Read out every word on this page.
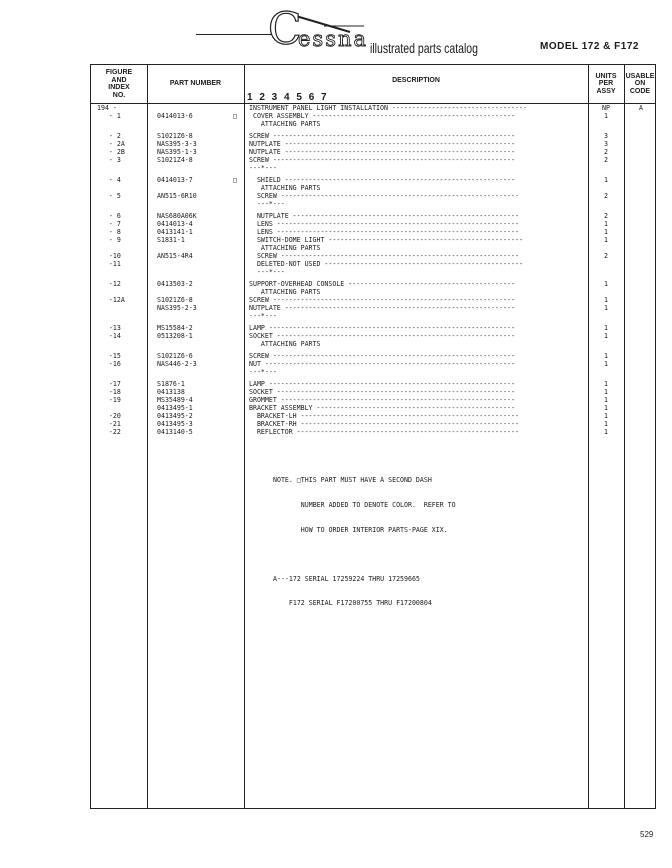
C
essna illustrated parts catalog	MODEL 172 & F172
FIGURE
AND
INDEX
NO.
PART NUMBER	DESCRIPTION
1 2 3 4 5 6 7
UNITS
PER
ASSY
USABLE
ON
CODE
194 -	INSTRUMENT PANEL LIGHT INSTALLATION ----------------------------------	NP	A
- 1	0414013-6	□	COVER ASSEMBLY ---------------------------------------------------	1
ATTACHING PARTS
- 2	S1021Z6-8	SCREW -------------------------------------------------------------	3
- 2A	NAS395-3-3	NUTPLATE ----------------------------------------------------------	3
- 2B	NAS395-1-3	NUTPLATE ----------------------------------------------------------	2
- 3	S1021Z4-8	SCREW -------------------------------------------------------------	2
---*---
- 4	0414013-7	□	SHIELD ----------------------------------------------------------	1
ATTACHING PARTS
- 5	AN515-6R10	SCREW ------------------------------------------------------------	2
---*---
- 6	NAS680A06K	NUTPLATE ---------------------------------------------------------	2
- 7	0414013-4	LENS -------------------------------------------------------------	1
- 8	0413141-1	LENS -------------------------------------------------------------	1
- 9	S1831-1	SWITCH-DOME LIGHT -------------------------------------------------	1
ATTACHING PARTS
-10	AN515-4R4	SCREW ------------------------------------------------------------	2
-11	DELETED-NOT USED --------------------------------------------------
---*---
-12	0413503-2	SUPPORT-OVERHEAD CONSOLE ------------------------------------------	1
ATTACHING PARTS
-12A	S1021Z6-8	SCREW -------------------------------------------------------------	1
NAS395-2-3	NUTPLATE ----------------------------------------------------------	1
---*---
-13	MS15584-2	LAMP --------------------------------------------------------------	1
-14	0513208-1	SOCKET ------------------------------------------------------------	1
ATTACHING PARTS
-15	S1021Z6-6	SCREW -------------------------------------------------------------	1
-16	NAS446-2-3	NUT ---------------------------------------------------------------	1
---*---
-17	S1876-1	LAMP --------------------------------------------------------------	1
-18	0413138	SOCKET ------------------------------------------------------------	1
-19	MS35489-4	GROMMET -----------------------------------------------------------	1
0413495-1	BRACKET ASSEMBLY --------------------------------------------------	1
-20	0413495-2	BRACKET-LH -------------------------------------------------------	1
-21	0413495-3	BRACKET-RH -------------------------------------------------------	1
-22	0413140-5	REFLECTOR --------------------------------------------------------	1

NOTE. □THIS PART MUST HAVE A SECOND DASH

NUMBER ADDED TO DENOTE COLOR.  REFER TO

HOW TO ORDER INTERIOR PARTS-PAGE XIX.

A---172 SERIAL 17259224 THRU 17259665

F172 SERIAL F17200755 THRU F17200804

529
